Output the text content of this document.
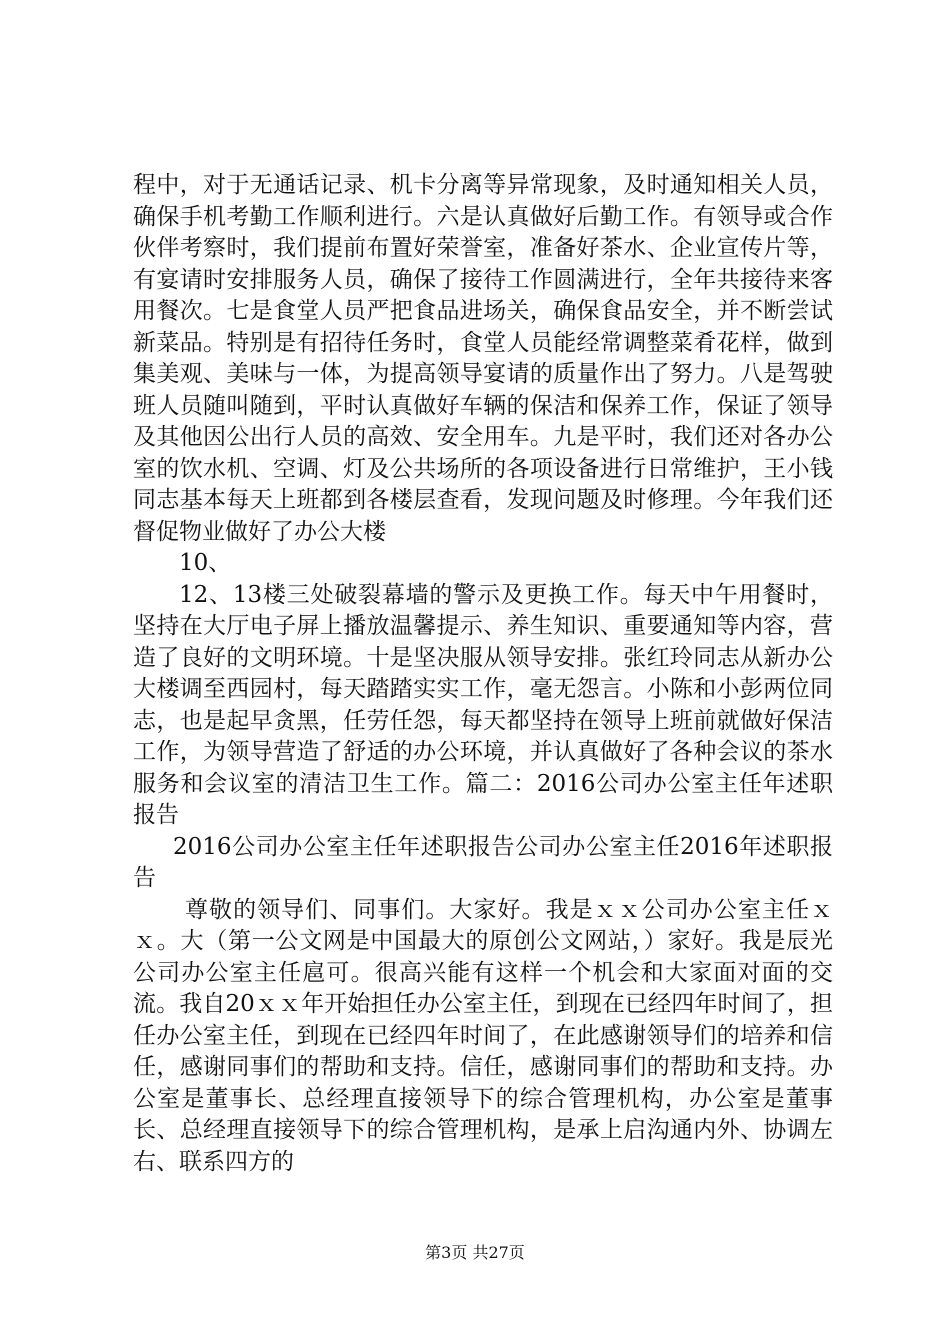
程中，对于无通话记录、机卡分离等异常现象，及时通知相关人员，确保手机考勤工作顺利进行。六是认真做好后勤工作。有领导或合作伙伴考察时，我们提前布置好荣誉室，准备好茶水、企业宣传片等，有宴请时安排服务人员，确保了接待工作圆满进行，全年共接待来客用餐次。七是食堂人员严把食品进场关，确保食品安全，并不断尝试新菜品。特别是有招待任务时，食堂人员能经常调整菜肴花样，做到集美观、美味与一体，为提高领导宴请的质量作出了努力。八是驾驶班人员随叫随到，平时认真做好车辆的保洁和保养工作，保证了领导及其他因公出行人员的高效、安全用车。九是平时，我们还对各办公室的饮水机、空调、灯及公共场所的各项设备进行日常维护，王小钱同志基本每天上班都到各楼层查看，发现问题及时修理。今年我们还督促物业做好了办公大楼

10、

12、13楼三处破裂幕墙的警示及更换工作。每天中午用餐时，坚持在大厅电子屏上播放温馨提示、养生知识、重要通知等内容，营造了良好的文明环境。十是坚决服从领导安排。张红玲同志从新办公大楼调至西园村，每天踏踏实实工作，毫无怨言。小陈和小彭两位同志，也是起早贪黑，任劳任怨，每天都坚持在领导上班前就做好保洁工作，为领导营造了舒适的办公环境，并认真做好了各种会议的茶水服务和会议室的清洁卫生工作。篇二：2016公司办公室主任年述职报告

2016公司办公室主任年述职报告公司办公室主任2016年述职报告

尊敬的领导们、同事们。大家好。我是ｘｘ公司办公室主任ｘｘ。大（第一公文网是中国最大的原创公文网站，）家好。我是辰光公司办公室主任扈可。很高兴能有这样一个机会和大家面对面的交流。我自20ｘｘ年开始担任办公室主任，到现在已经四年时间了，担任办公室主任，到现在已经四年时间了，在此感谢领导们的培养和信任，感谢同事们的帮助和支持。信任，感谢同事们的帮助和支持。办公室是董事长、总经理直接领导下的综合管理机构，办公室是董事长、总经理直接领导下的综合管理机构，是承上启沟通内外、协调左右、联系四方的

第3页 共27页
